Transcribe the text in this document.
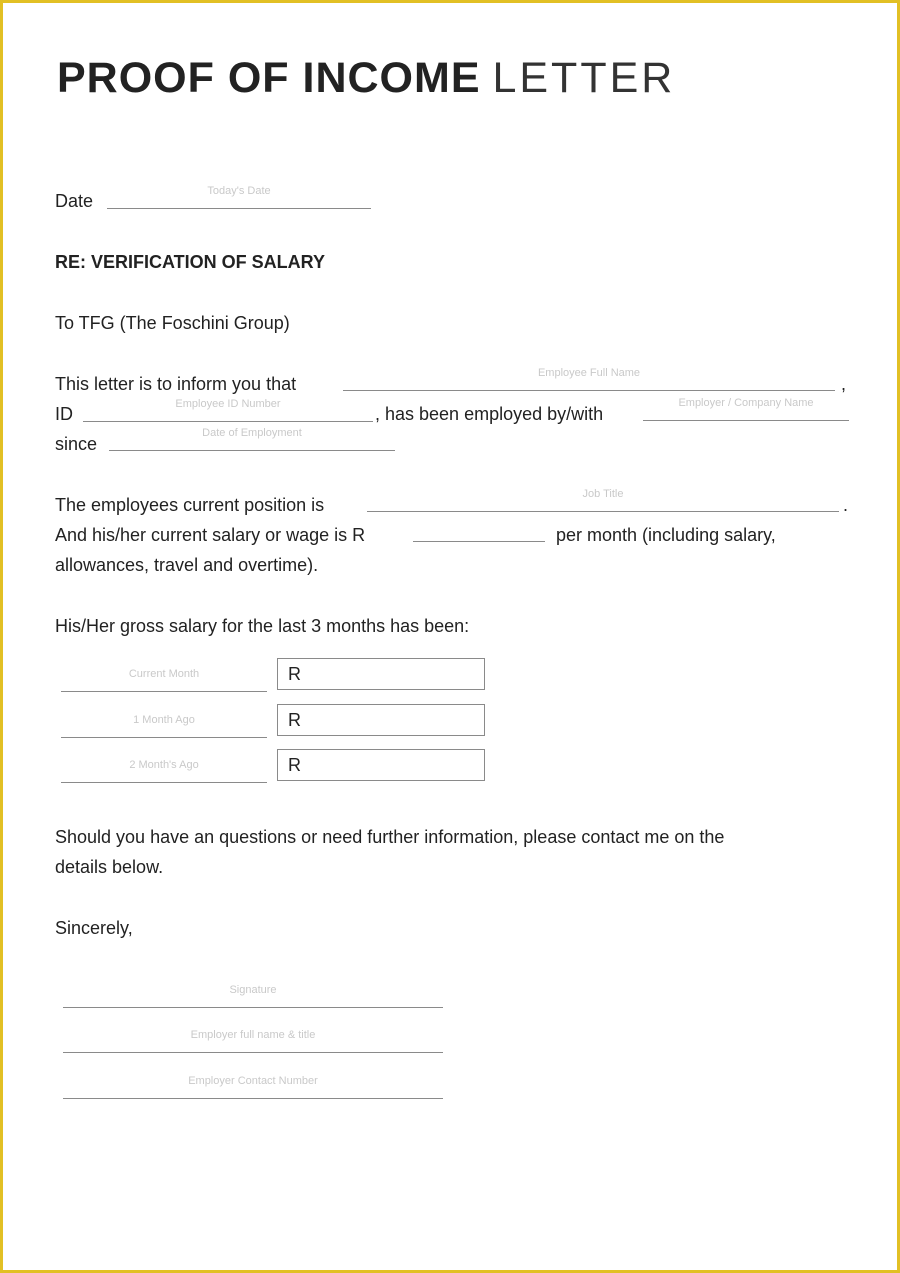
PROOF OF INCOME LETTER
Date	Today's Date
RE: VERIFICATION OF SALARY
To TFG (The Foschini Group)
This letter is to inform you that
Employee Full Name
,
ID	Employee ID Number	, has been employed by/with
Employer / Company Name
since
Date of Employment
The employees current position is
Job Title
.
And his/her current salary or wage is R	per month (including salary,
allowances, travel and overtime).
His/Her gross salary for the last 3 months has been:
Current Month	R
1 Month Ago	R
2 Month's Ago	R
Should you have an questions or need further information, please contact me on the
details below.
Sincerely,
Signature
Employer full name & title
Employer Contact Number
